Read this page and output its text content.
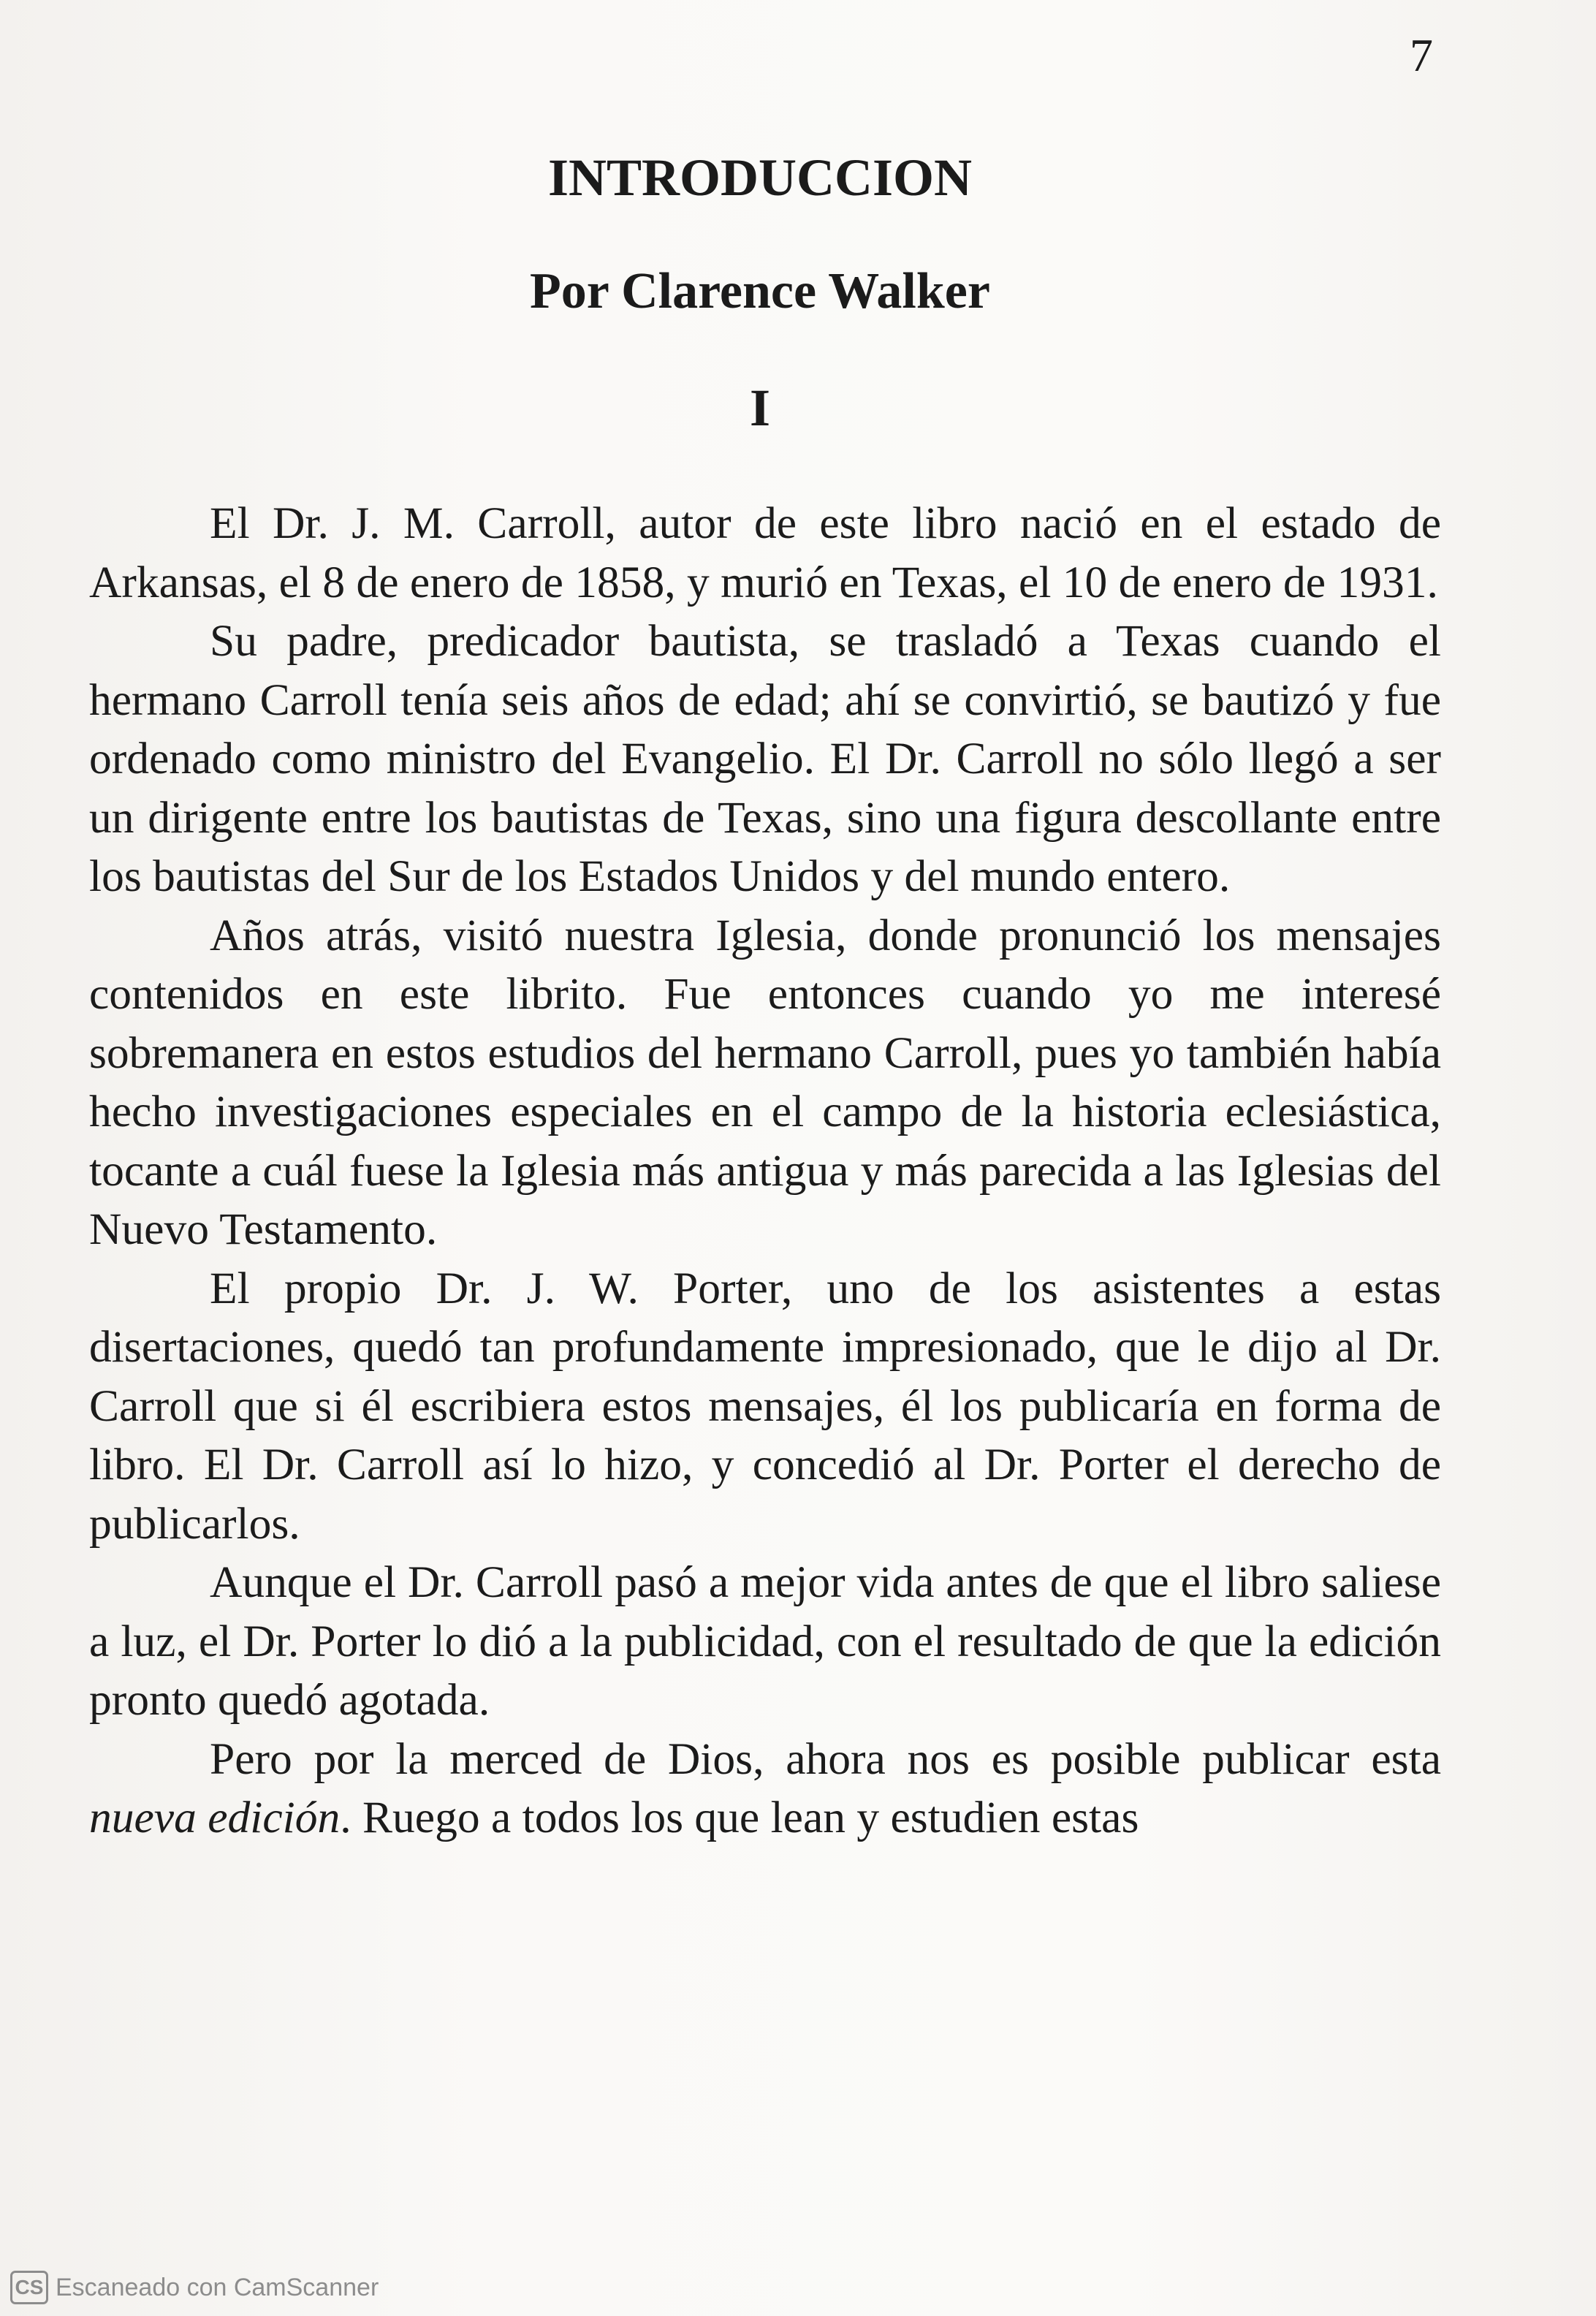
7
INTRODUCCION
Por Clarence Walker
I

El Dr. J. M. Carroll, autor de este libro nació en el estado de Arkansas, el 8 de enero de 1858, y murió en Texas, el 10 de enero de 1931.

Su padre, predicador bautista, se trasladó a Texas cuando el hermano Carroll tenía seis años de edad; ahí se convirtió, se bautizó y fue ordenado como ministro del Evangelio. El Dr. Carroll no sólo llegó a ser un dirigente entre los bautistas de Texas, sino una figura descollante entre los bautistas del Sur de los Estados Unidos y del mundo entero.

Años atrás, visitó nuestra Iglesia, donde pronunció los mensajes contenidos en este librito. Fue entonces cuando yo me interesé sobremanera en estos estudios del hermano Carroll, pues yo también había hecho investigaciones especiales en el campo de la historia eclesiástica, tocante a cuál fuese la Iglesia más antigua y más parecida a las Iglesias del Nuevo Testamento.

El propio Dr. J. W. Porter, uno de los asistentes a estas disertaciones, quedó tan profundamente impresionado, que le dijo al Dr. Carroll que si él escribiera estos mensajes, él los publicaría en forma de libro. El Dr. Carroll así lo hizo, y concedió al Dr. Porter el derecho de publicarlos.

Aunque el Dr. Carroll pasó a mejor vida antes de que el libro saliese a luz, el Dr. Porter lo dió a la publicidad, con el resultado de que la edición pronto quedó agotada.

Pero por la merced de Dios, ahora nos es posible publicar esta nueva edición. Ruego a todos los que lean y estudien estas

CS Escaneado con CamScanner
